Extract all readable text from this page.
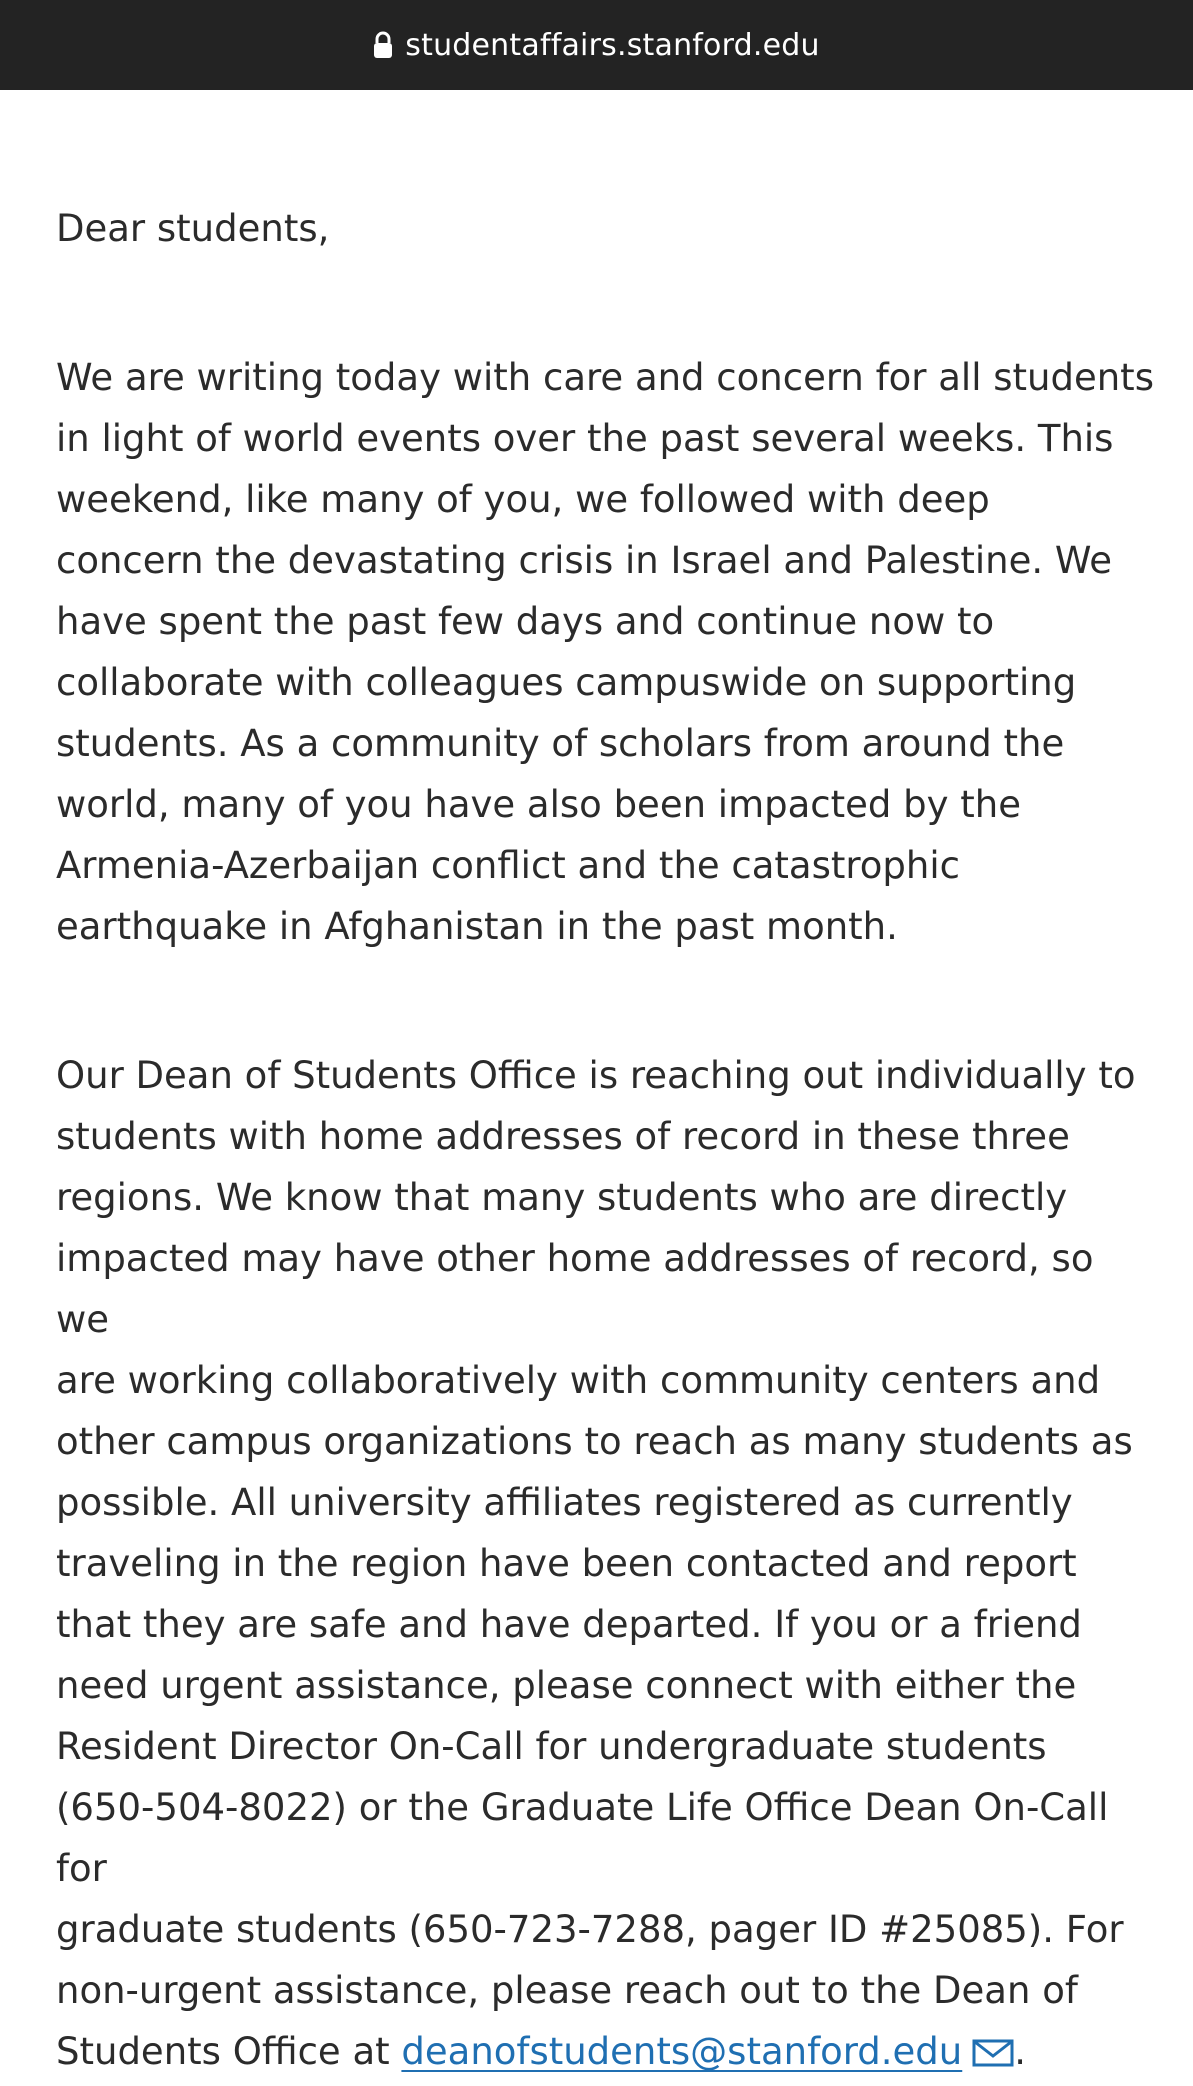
studentaffairs.stanford.edu

Dear students,

We are writing today with care and concern for all students
in light of world events over the past several weeks. This
weekend, like many of you, we followed with deep
concern the devastating crisis in Israel and Palestine. We
have spent the past few days and continue now to
collaborate with colleagues campuswide on supporting
students. As a community of scholars from around the
world, many of you have also been impacted by the
Armenia-Azerbaijan conflict and the catastrophic
earthquake in Afghanistan in the past month.

Our Dean of Students Office is reaching out individually to
students with home addresses of record in these three
regions. We know that many students who are directly
impacted may have other home addresses of record, so we
are working collaboratively with community centers and
other campus organizations to reach as many students as
possible. All university affiliates registered as currently
traveling in the region have been contacted and report
that they are safe and have departed. If you or a friend
need urgent assistance, please connect with either the
Resident Director On-Call for undergraduate students
(650-504-8022) or the Graduate Life Office Dean On-Call for
graduate students (650-723-7288, pager ID #25085). For
non-urgent assistance, please reach out to the Dean of
Students Office at deanofstudents@stanford.edu .
